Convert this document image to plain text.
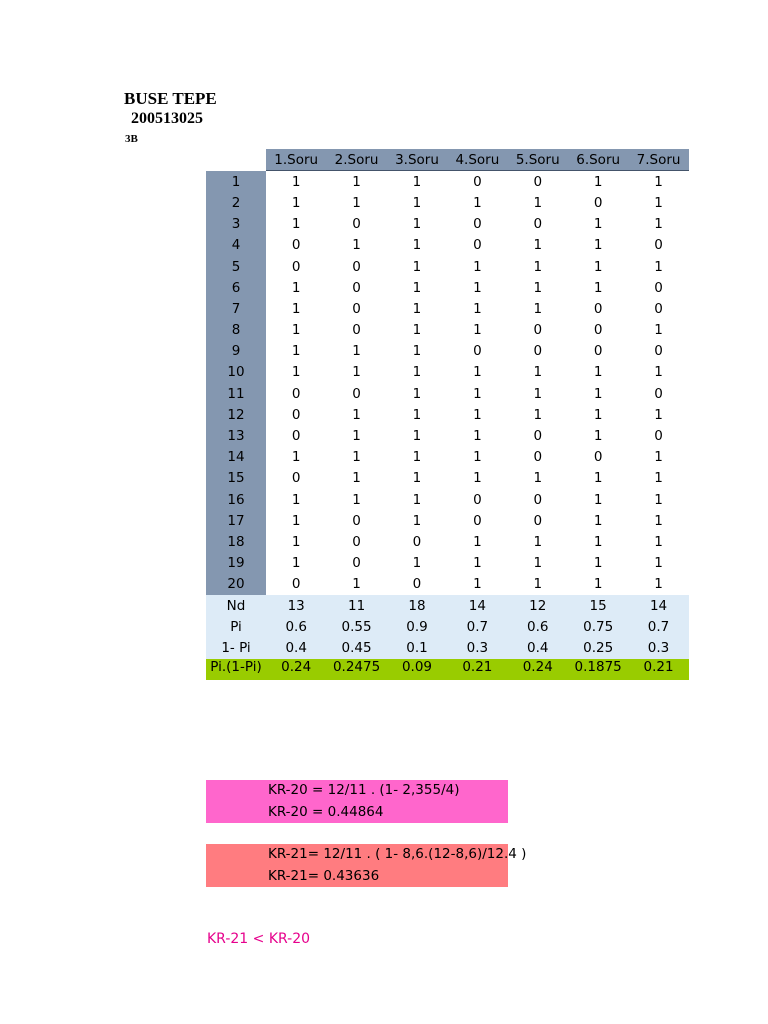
BUSE TEPE
200513025
3B
	1.Soru	2.Soru	3.Soru	4.Soru	5.Soru	6.Soru	7.Soru
1	1	1	1	0	0	1	1
2	1	1	1	1	1	0	1
3	1	0	1	0	0	1	1
4	0	1	1	0	1	1	0
5	0	0	1	1	1	1	1
6	1	0	1	1	1	1	0
7	1	0	1	1	1	0	0
8	1	0	1	1	0	0	1
9	1	1	1	0	0	0	0
10	1	1	1	1	1	1	1
11	0	0	1	1	1	1	0
12	0	1	1	1	1	1	1
13	0	1	1	1	0	1	0
14	1	1	1	1	0	0	1
15	0	1	1	1	1	1	1
16	1	1	1	0	0	1	1
17	1	0	1	0	0	1	1
18	1	0	0	1	1	1	1
19	1	0	1	1	1	1	1
20	0	1	0	1	1	1	1
Nd	13	11	18	14	12	15	14
Pi	0.6	0.55	0.9	0.7	0.6	0.75	0.7
1- Pi	0.4	0.45	0.1	0.3	0.4	0.25	0.3
Pi.(1-Pi)	0.24	0.2475	0.09	0.21	0.24	0.1875	0.21
KR-20 = 12/11 . (1- 2,355/4)
KR-20 = 0.44864
KR-21= 12/11 . ( 1- 8,6.(12-8,6)/12.4 )
KR-21= 0.43636
KR-21 < KR-20
